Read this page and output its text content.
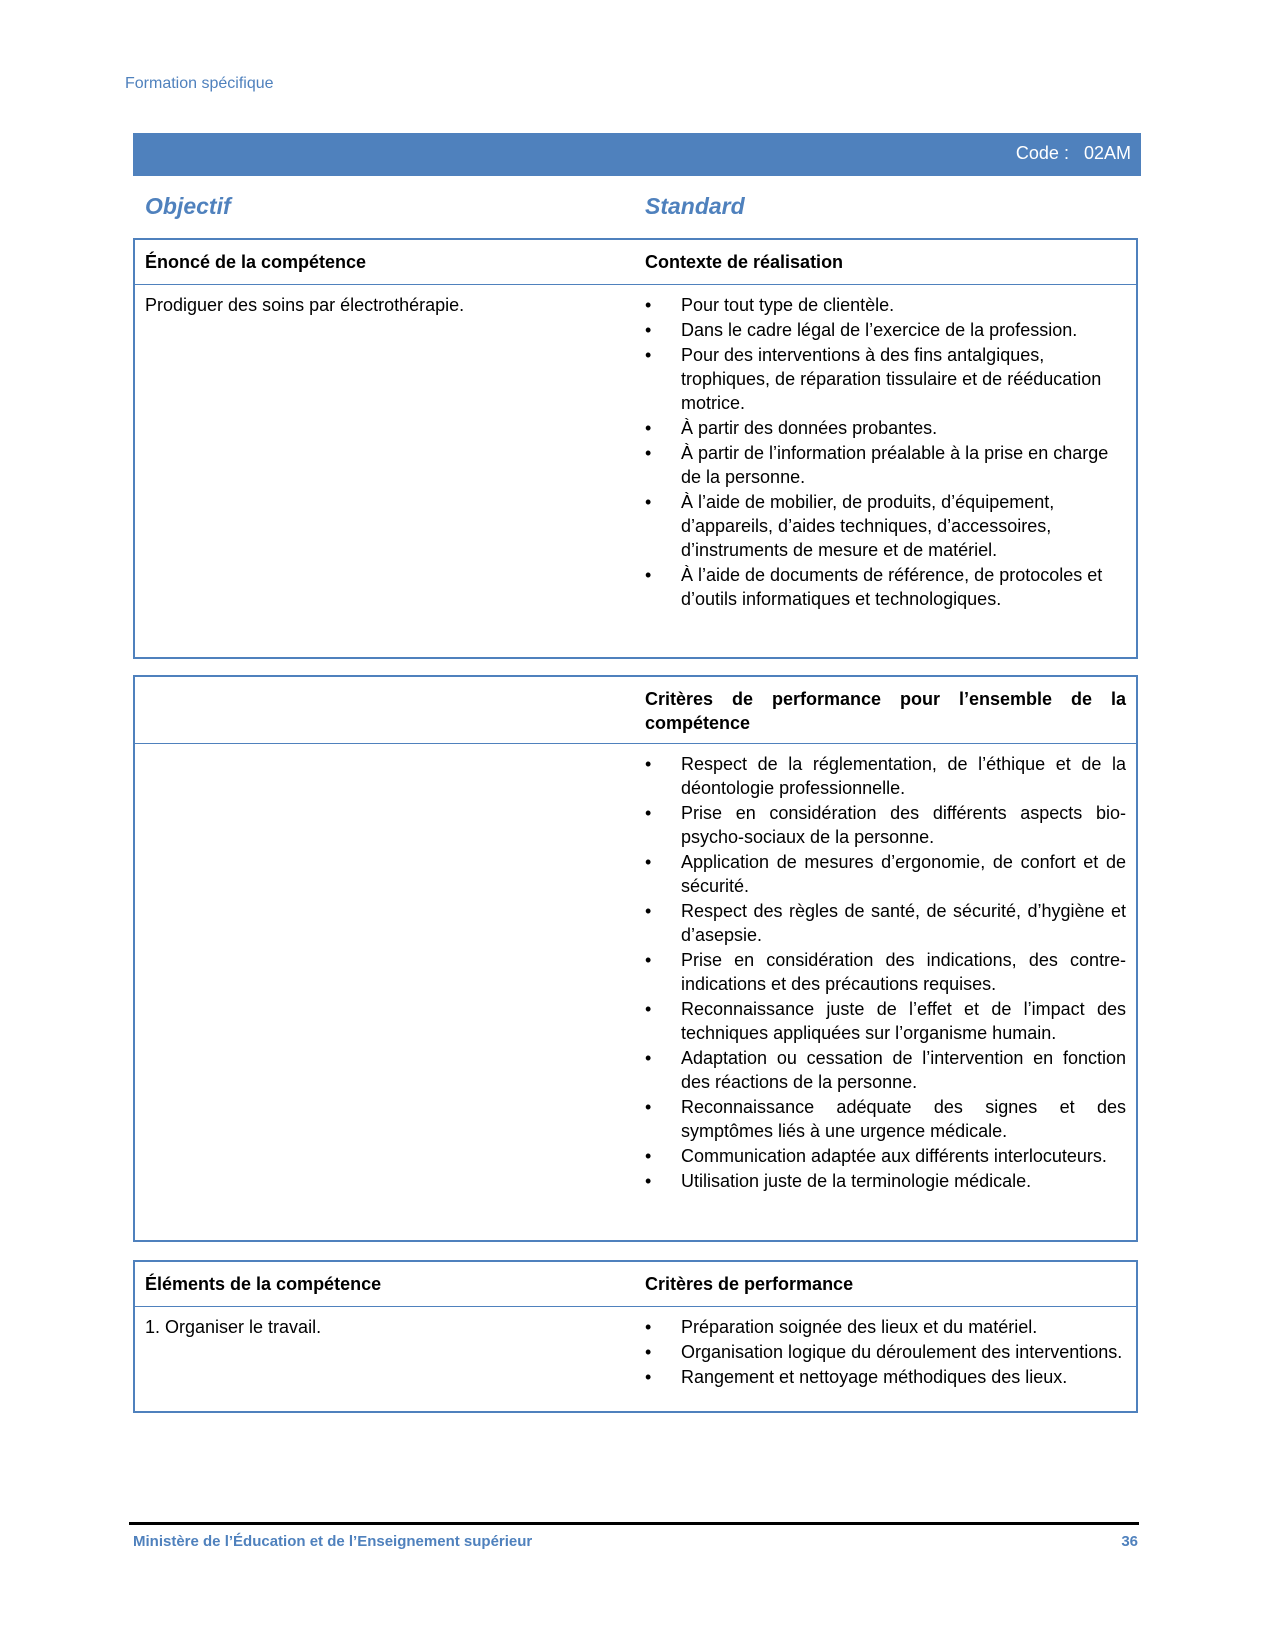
Formation spécifique
Code : 02AM
Objectif	Standard
Énoncé de la compétence	Contexte de réalisation
Prodiguer des soins par électrothérapie.	•	Pour tout type de clientèle.
•	Dans le cadre légal de l’exercice de la profession.
•	Pour des interventions à des fins antalgiques, trophiques, de réparation tissulaire et de rééducation motrice.
•	À partir des données probantes.
•	À partir de l’information préalable à la prise en charge de la personne.
•	À l’aide de mobilier, de produits, d’équipement, d’appareils, d’aides techniques, d’accessoires, d’instruments de mesure et de matériel.
•	À l’aide de documents de référence, de protocoles et d’outils informatiques et technologiques.
Critères de performance pour l’ensemble de la compétence
•	Respect de la réglementation, de l’éthique et de la déontologie professionnelle.
•	Prise en considération des différents aspects bio-psycho-sociaux de la personne.
•	Application de mesures d’ergonomie, de confort et de sécurité.
•	Respect des règles de santé, de sécurité, d’hygiène et d’asepsie.
•	Prise en considération des indications, des contre-indications et des précautions requises.
•	Reconnaissance juste de l’effet et de l’impact des techniques appliquées sur l’organisme humain.
•	Adaptation ou cessation de l’intervention en fonction des réactions de la personne.
•	Reconnaissance adéquate des signes et des symptômes liés à une urgence médicale.
•	Communication adaptée aux différents interlocuteurs.
•	Utilisation juste de la terminologie médicale.
Éléments de la compétence	Critères de performance
1. Organiser le travail.	•	Préparation soignée des lieux et du matériel.
•	Organisation logique du déroulement des interventions.
•	Rangement et nettoyage méthodiques des lieux.
Ministère de l’Éducation et de l’Enseignement supérieur	36
